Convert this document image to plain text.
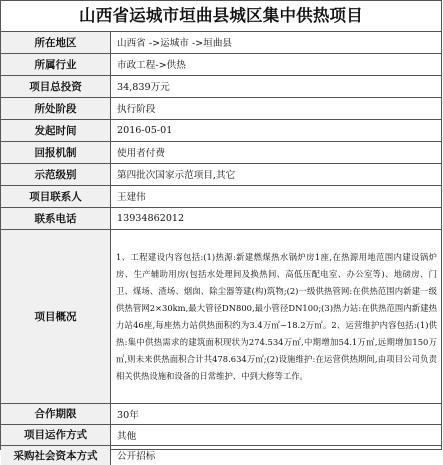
山西省运城市垣曲县城区集中供热项目
所在地区	山西省 ->运城市 ->垣曲县
所属行业	市政工程->供热
项目总投资	34,839万元
所处阶段	执行阶段
发起时间	2016-05-01
回报机制	使用者付费
示范级别	第四批次国家示范项目,其它
项目联系人	王建伟
联系电话	13934862012
项目概况	1、工程建设内容包括:(1)热源:新建燃煤热水锅炉房1座,在热源用地范围内建设锅炉房、生产辅助用房(包括水处理间及换热间、高低压配电室、办公室等)、地磅房、门卫、煤场、渣场、烟囱、除尘器等建(构)筑物;(2)一级供热管网:在供热范围内新建一级供热管网2×30km,最大管径DN800,最小管径DN100;(3)热力站:在供热范围内新建热力站46座,每座热力站供热面积约为3.4万㎡~18.2万㎡。2、运营维护内容包括:(1)供热:集中供热需求的建筑面积现状为274.534万㎡,中期增加54.1万㎡,远期增加150万㎡,则未来供热面积合计共478.634万㎡;(2)设施维护:在运营供热期间,由项目公司负责相关供热设施和设备的日常维护、中到大修等工作。
合作期限	30年
项目运作方式	其他
采购社会资本方式	公开招标
